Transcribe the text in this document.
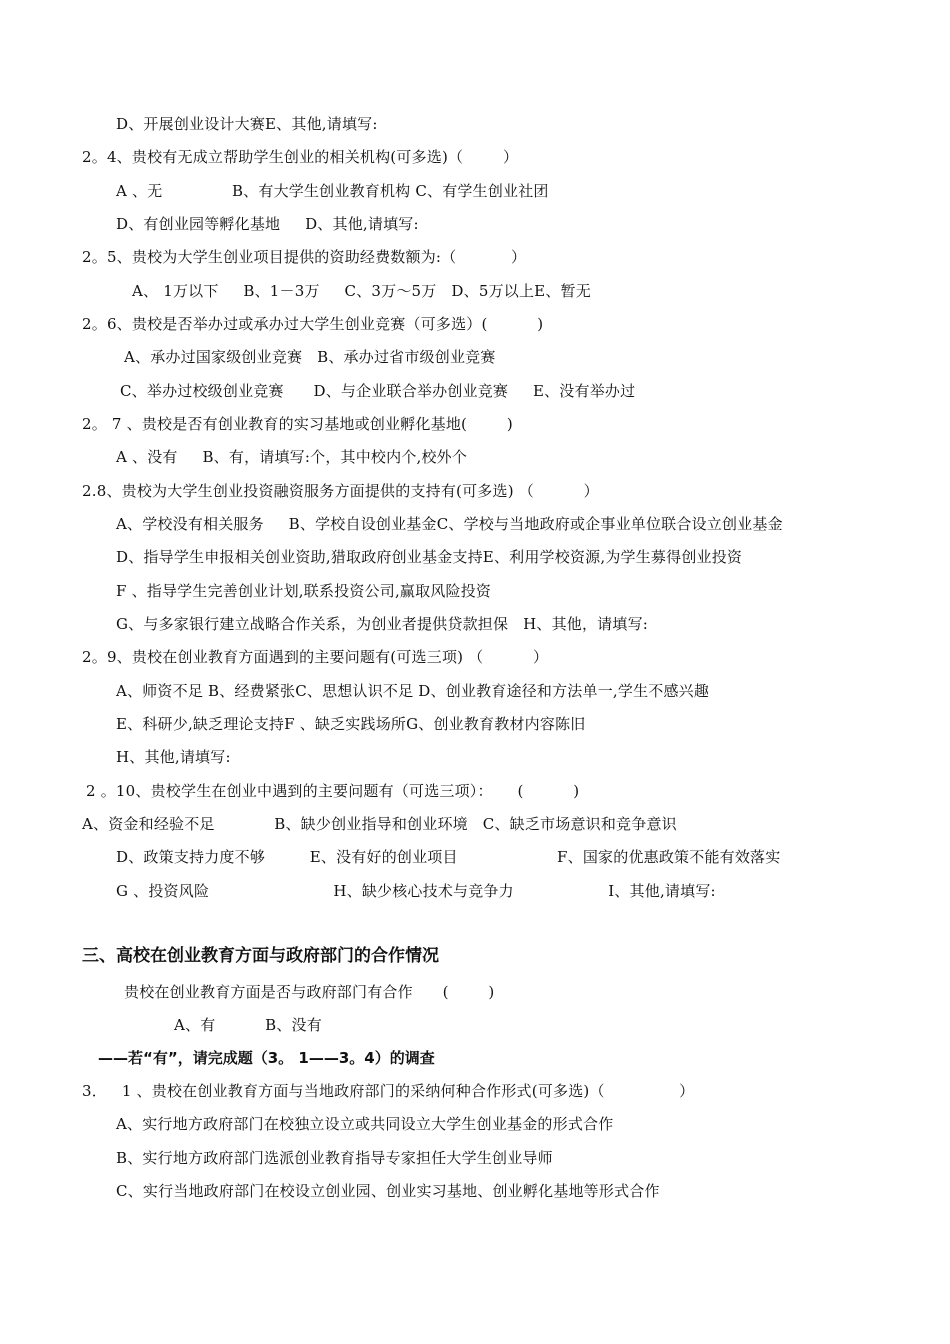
D、开展创业设计大赛E、其他,请填写:
2。4、贵校有无成立帮助学生创业的相关机构(可多选)（        ）
A 、无              B、有大学生创业教育机构 C、有学生创业社团
D、有创业园等孵化基地     D、其他,请填写:
2。5、贵校为大学生创业项目提供的资助经费数额为:（           ）
A、 1万以下     B、1－3万     C、3万～5万   D、5万以上E、暂无
2。6、贵校是否举办过或承办过大学生创业竞赛（可多选）(          )
A、承办过国家级创业竞赛   B、承办过省市级创业竞赛
C、举办过校级创业竞赛      D、与企业联合举办创业竞赛     E、没有举办过
2。 7 、贵校是否有创业教育的实习基地或创业孵化基地(        )
A 、没有     B、有，请填写:个，其中校内个,校外个
2.8、贵校为大学生创业投资融资服务方面提供的支持有(可多选) （          ）
A、学校没有相关服务     B、学校自设创业基金C、学校与当地政府或企事业单位联合设立创业基金
D、指导学生申报相关创业资助,猎取政府创业基金支持E、利用学校资源,为学生募得创业投资
F 、指导学生完善创业计划,联系投资公司,赢取风险投资
G、与多家银行建立战略合作关系，为创业者提供贷款担保   H、其他，请填写:
2。9、贵校在创业教育方面遇到的主要问题有(可选三项) （          ）
A、师资不足 B、经费紧张C、思想认识不足 D、创业教育途径和方法单一,学生不感兴趣
E、科研少,缺乏理论支持F 、缺乏实践场所G、创业教育教材内容陈旧
H、其他,请填写:
2 。10、贵校学生在创业中遇到的主要问题有（可选三项）：     (          )
A、资金和经验不足            B、缺少创业指导和创业环境   C、缺乏市场意识和竞争意识
D、政策支持力度不够         E、没有好的创业项目                    F、国家的优惠政策不能有效落实
G 、投资风险                         H、缺少核心技术与竞争力                   I、其他,请填写:
三、高校在创业教育方面与政府部门的合作情况
贵校在创业教育方面是否与政府部门有合作      (        )
A、有          B、没有
——若“有”，请完成题（3。 1——3。4）的调查
3．   1 、贵校在创业教育方面与当地政府部门的采纳何种合作形式(可多选)（               ）
A、实行地方政府部门在校独立设立或共同设立大学生创业基金的形式合作
B、实行地方政府部门选派创业教育指导专家担任大学生创业导师
C、实行当地政府部门在校设立创业园、创业实习基地、创业孵化基地等形式合作
